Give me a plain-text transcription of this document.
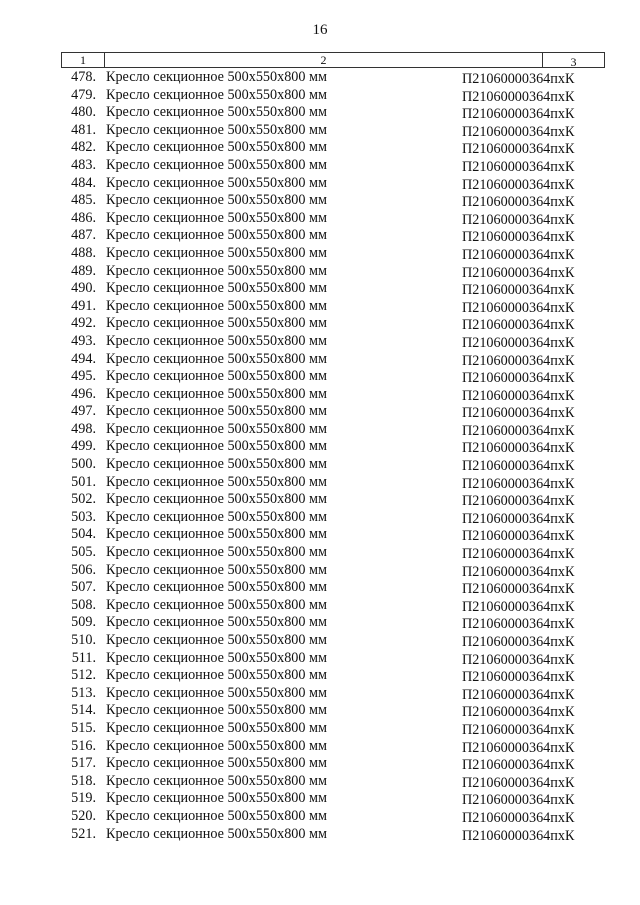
16
1	2	3
478. Кресло секционное 500х550х800 мм	П21060000364пхК
479. Кресло секционное 500х550х800 мм	П21060000364пхК
480. Кресло секционное 500х550х800 мм	П21060000364пхК
481. Кресло секционное 500х550х800 мм	П21060000364пхК
482. Кресло секционное 500х550х800 мм	П21060000364пхК
483. Кресло секционное 500х550х800 мм	П21060000364пхК
484. Кресло секционное 500х550х800 мм	П21060000364пхК
485. Кресло секционное 500х550х800 мм	П21060000364пхК
486. Кресло секционное 500х550х800 мм	П21060000364пхК
487. Кресло секционное 500х550х800 мм	П21060000364пхК
488. Кресло секционное 500х550х800 мм	П21060000364пхК
489. Кресло секционное 500х550х800 мм	П21060000364пхК
490. Кресло секционное 500х550х800 мм	П21060000364пхК
491. Кресло секционное 500х550х800 мм	П21060000364пхК
492. Кресло секционное 500х550х800 мм	П21060000364пхК
493. Кресло секционное 500х550х800 мм	П21060000364пхК
494. Кресло секционное 500х550х800 мм	П21060000364пхК
495. Кресло секционное 500х550х800 мм	П21060000364пхК
496. Кресло секционное 500х550х800 мм	П21060000364пхК
497. Кресло секционное 500х550х800 мм	П21060000364пхК
498. Кресло секционное 500х550х800 мм	П21060000364пхК
499. Кресло секционное 500х550х800 мм	П21060000364пхК
500. Кресло секционное 500х550х800 мм	П21060000364пхК
501. Кресло секционное 500х550х800 мм	П21060000364пхК
502. Кресло секционное 500х550х800 мм	П21060000364пхК
503. Кресло секционное 500х550х800 мм	П21060000364пхК
504. Кресло секционное 500х550х800 мм	П21060000364пхК
505. Кресло секционное 500х550х800 мм	П21060000364пхК
506. Кресло секционное 500х550х800 мм	П21060000364пхК
507. Кресло секционное 500х550х800 мм	П21060000364пхК
508. Кресло секционное 500х550х800 мм	П21060000364пхК
509. Кресло секционное 500х550х800 мм	П21060000364пхК
510. Кресло секционное 500х550х800 мм	П21060000364пхК
511. Кресло секционное 500х550х800 мм	П21060000364пхК
512. Кресло секционное 500х550х800 мм	П21060000364пхК
513. Кресло секционное 500х550х800 мм	П21060000364пхК
514. Кресло секционное 500х550х800 мм	П21060000364пхК
515. Кресло секционное 500х550х800 мм	П21060000364пхК
516. Кресло секционное 500х550х800 мм	П21060000364пхК
517. Кресло секционное 500х550х800 мм	П21060000364пхК
518. Кресло секционное 500х550х800 мм	П21060000364пхК
519. Кресло секционное 500х550х800 мм	П21060000364пхК
520. Кресло секционное 500х550х800 мм	П21060000364пхК
521. Кресло секционное 500х550х800 мм	П21060000364пхК
